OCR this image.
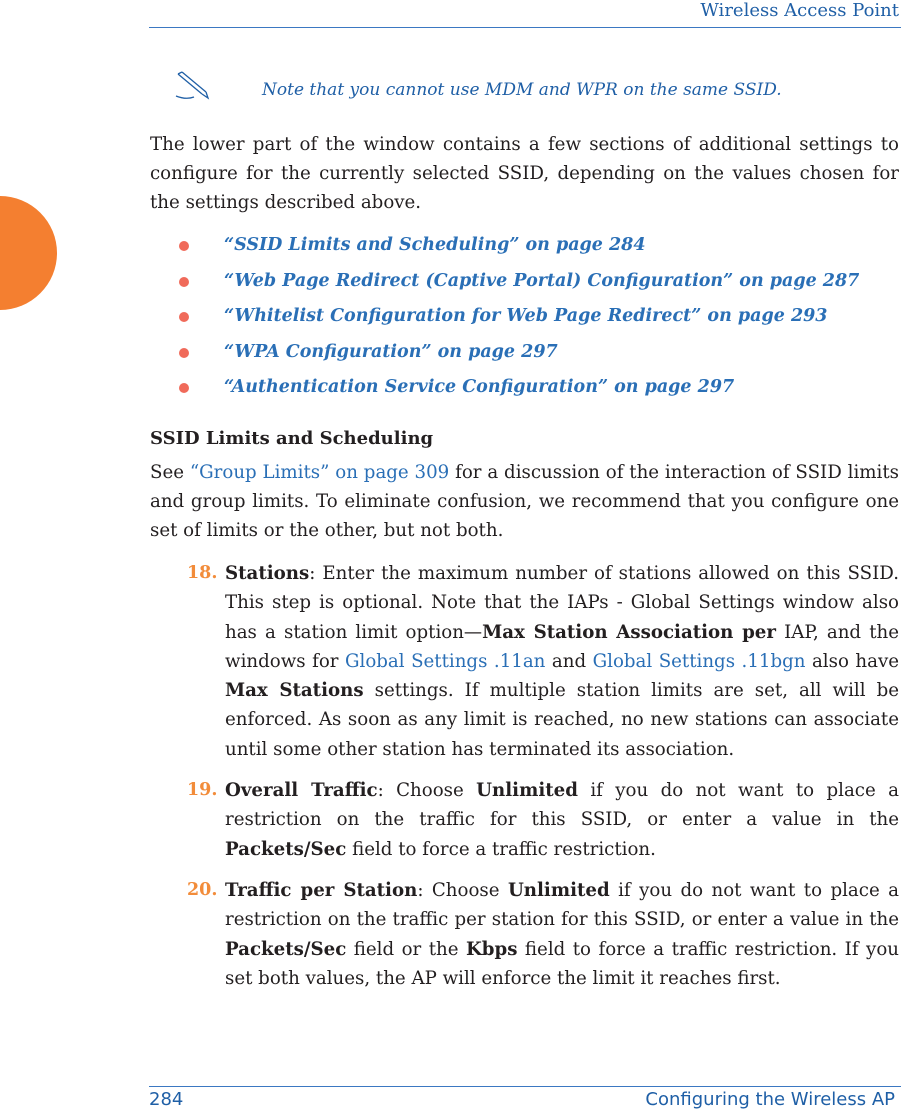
Wireless Access Point
Note that you cannot use MDM and WPR on the same SSID.

The lower part of the window contains a few sections of additional settings to configure for the currently selected SSID, depending on the values chosen for the settings described above.

“SSID Limits and Scheduling” on page 284
“Web Page Redirect (Captive Portal) Configuration” on page 287
“Whitelist Configuration for Web Page Redirect” on page 293
“WPA Configuration” on page 297
“Authentication Service Configuration” on page 297
SSID Limits and Scheduling

See “Group Limits” on page 309 for a discussion of the interaction of SSID limits and group limits. To eliminate confusion, we recommend that you configure one set of limits or the other, but not both.

18. Stations: Enter the maximum number of stations allowed on this SSID. This step is optional. Note that the IAPs - Global Settings window also has a station limit option—Max Station Association per IAP, and the windows for Global Settings .11an and Global Settings .11bgn also have Max Stations settings. If multiple station limits are set, all will be enforced. As soon as any limit is reached, no new stations can associate until some other station has terminated its association.
19. Overall Traffic: Choose Unlimited if you do not want to place a restriction on the traffic for this SSID, or enter a value in the Packets/Sec field to force a traffic restriction.
20. Traffic per Station: Choose Unlimited if you do not want to place a restriction on the traffic per station for this SSID, or enter a value in the Packets/Sec field or the Kbps field to force a traffic restriction. If you set both values, the AP will enforce the limit it reaches first.
284	Configuring the Wireless AP
